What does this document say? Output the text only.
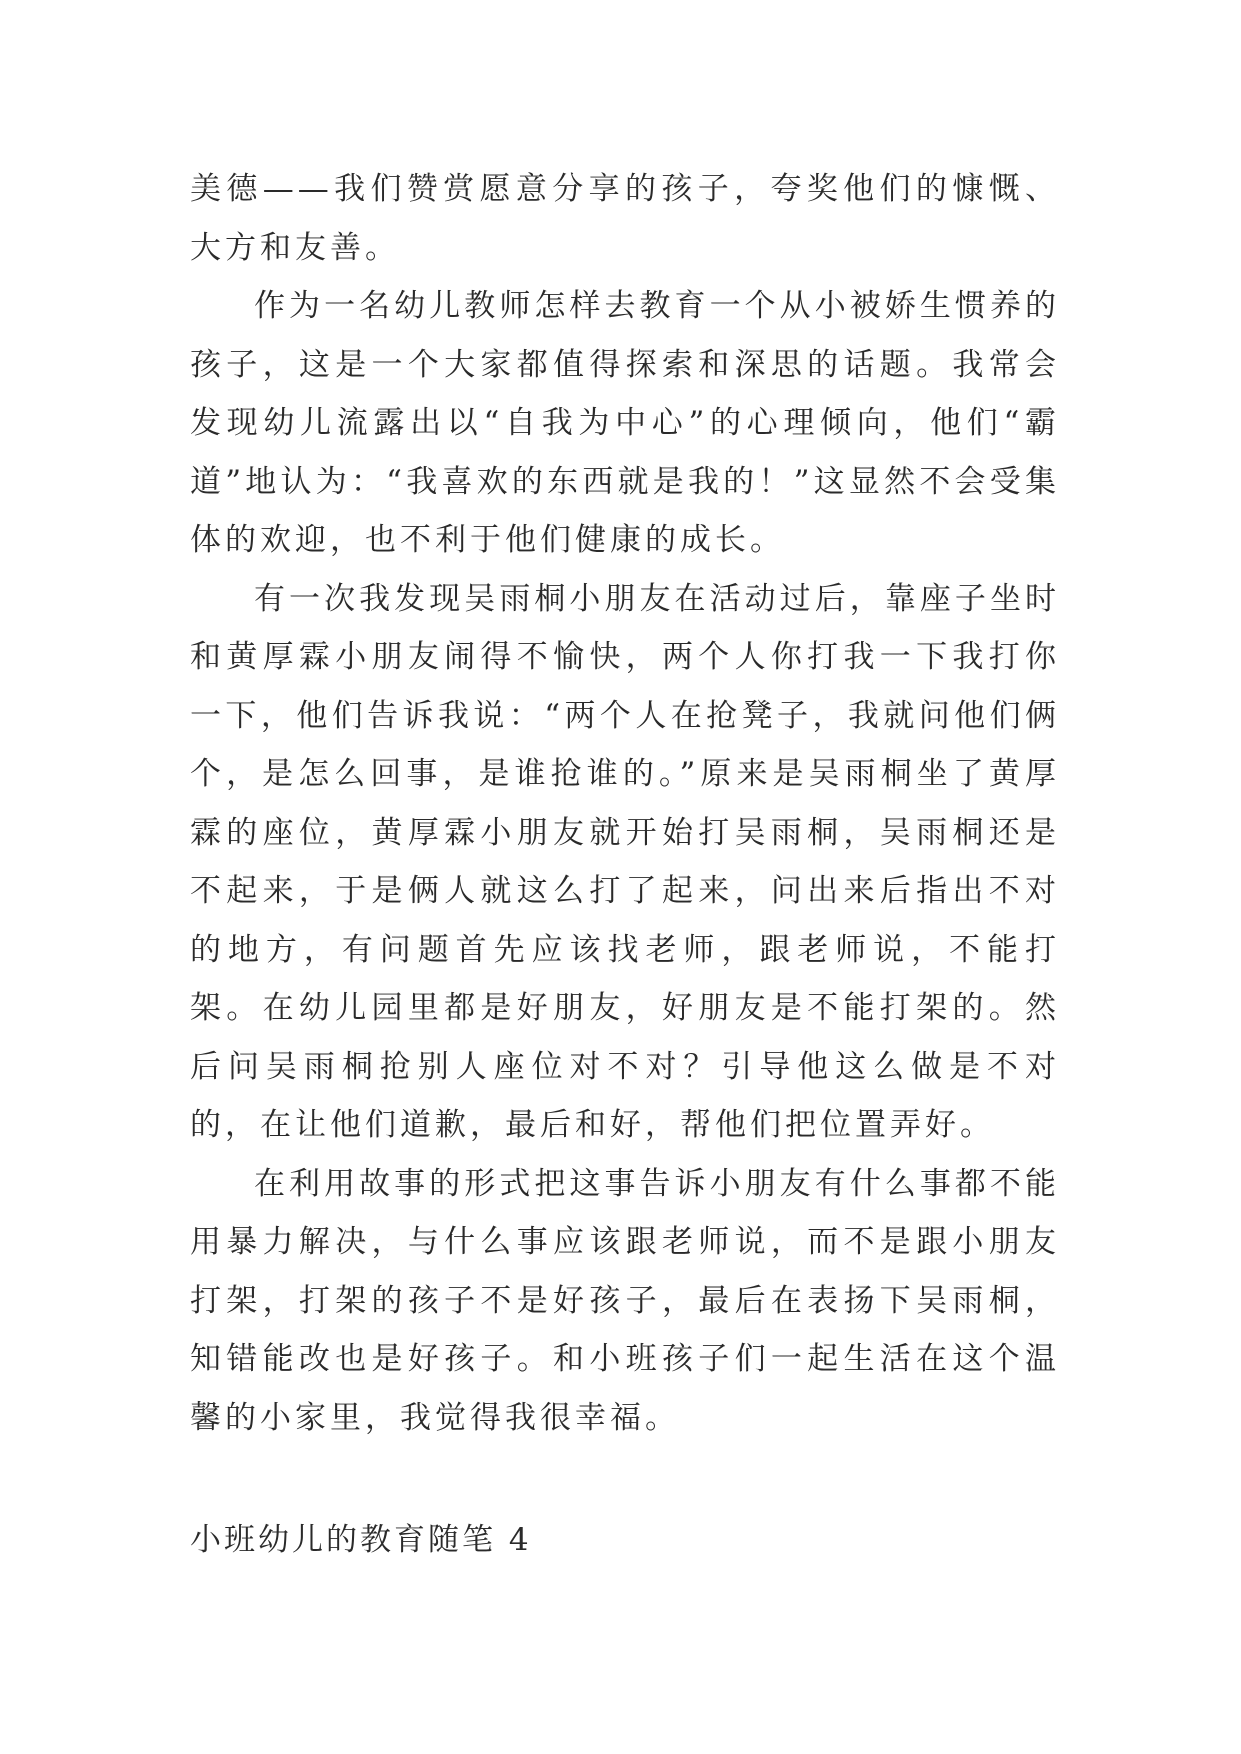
美德——我们赞赏愿意分享的孩子，夸奖他们的慷慨、大方和友善。

作为一名幼儿教师怎样去教育一个从小被娇生惯养的孩子，这是一个大家都值得探索和深思的话题。我常会发现幼儿流露出以“自我为中心”的心理倾向，他们“霸道”地认为：“我喜欢的东西就是我的！”这显然不会受集体的欢迎，也不利于他们健康的成长。

有一次我发现吴雨桐小朋友在活动过后，靠座子坐时和黄厚霖小朋友闹得不愉快，两个人你打我一下我打你一下，他们告诉我说：“两个人在抢凳子，我就问他们俩个，是怎么回事，是谁抢谁的。”原来是吴雨桐坐了黄厚霖的座位，黄厚霖小朋友就开始打吴雨桐，吴雨桐还是不起来，于是俩人就这么打了起来，问出来后指出不对的地方，有问题首先应该找老师，跟老师说，不能打架。在幼儿园里都是好朋友，好朋友是不能打架的。然后问吴雨桐抢别人座位对不对？引导他这么做是不对的，在让他们道歉，最后和好，帮他们把位置弄好。

在利用故事的形式把这事告诉小朋友有什么事都不能用暴力解决，与什么事应该跟老师说，而不是跟小朋友打架，打架的孩子不是好孩子，最后在表扬下吴雨桐，知错能改也是好孩子。和小班孩子们一起生活在这个温馨的小家里，我觉得我很幸福。

小班幼儿的教育随笔 4
